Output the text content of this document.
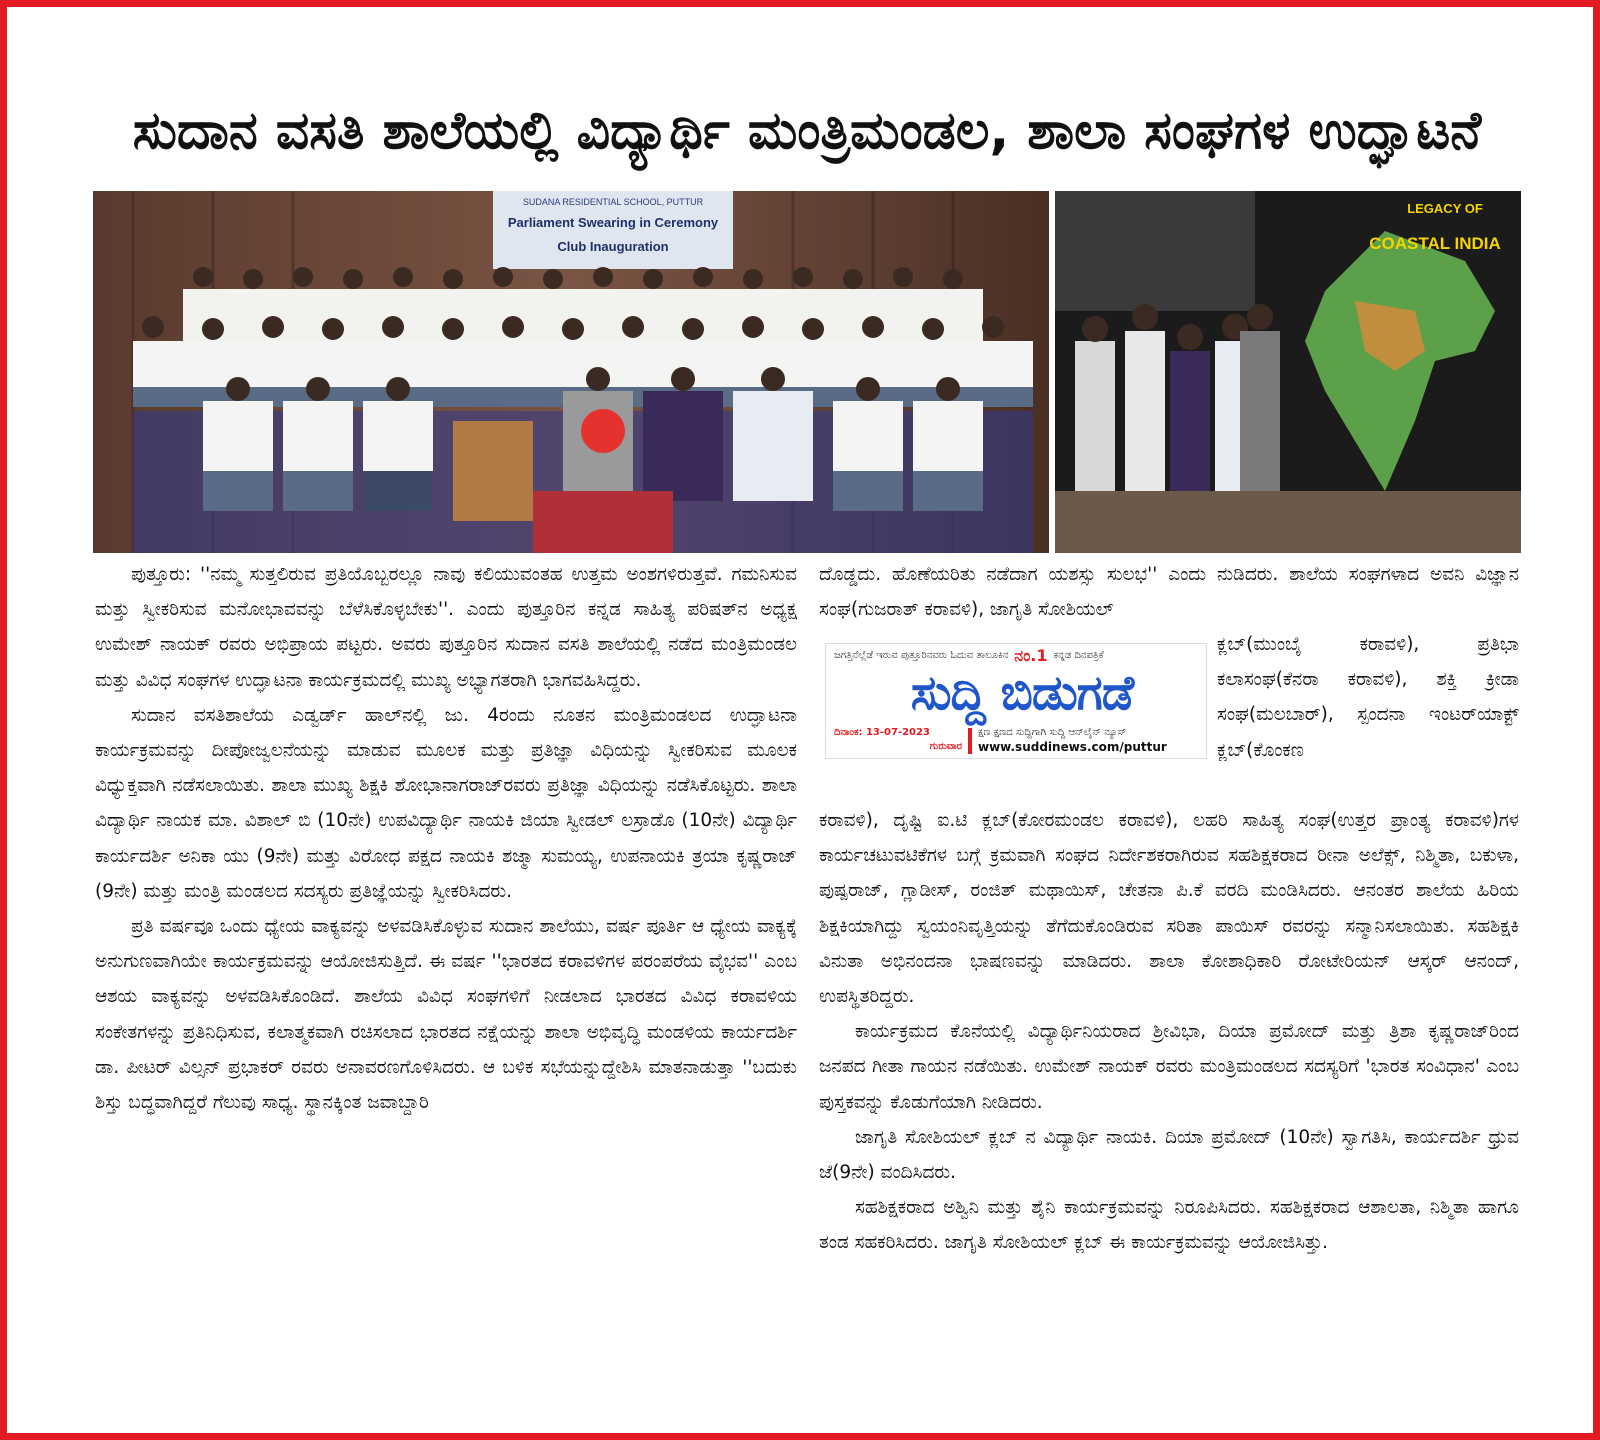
ಸುದಾನ ವಸತಿ ಶಾಲೆಯಲ್ಲಿ ವಿದ್ಯಾರ್ಥಿ ಮಂತ್ರಿಮಂಡಲ, ಶಾಲಾ ಸಂಘಗಳ ಉದ್ಘಾಟನೆ
SUDANA RESIDENTIAL SCHOOL, PUTTUR
Parliament Swearing in Ceremony
Club Inauguration
LEGACY OF
COASTAL INDIA

ಪುತ್ತೂರು: ''ನಮ್ಮ ಸುತ್ತಲಿರುವ ಪ್ರತಿಯೊಬ್ಬರಲ್ಲೂ ನಾವು ಕಲಿಯುವಂತಹ ಉತ್ತಮ ಅಂಶಗಳಿರುತ್ತವೆ. ಗಮನಿಸುವ ಮತ್ತು ಸ್ವೀಕರಿಸುವ ಮನೋಭಾವವನ್ನು ಬೆಳೆಸಿಕೊಳ್ಳಬೇಕು''. ಎಂದು ಪುತ್ತೂರಿನ ಕನ್ನಡ ಸಾಹಿತ್ಯ ಪರಿಷತ್‌ನ ಅಧ್ಯಕ್ಷ ಉಮೇಶ್ ನಾಯಕ್ ರವರು ಅಭಿಪ್ರಾಯ ಪಟ್ಟರು. ಅವರು ಪುತ್ತೂರಿನ ಸುದಾನ ವಸತಿ ಶಾಲೆಯಲ್ಲಿ ನಡೆದ ಮಂತ್ರಿಮಂಡಲ ಮತ್ತು ವಿವಿಧ ಸಂಘಗಳ ಉದ್ಘಾಟನಾ ಕಾರ್ಯಕ್ರಮದಲ್ಲಿ ಮುಖ್ಯ ಅಭ್ಯಾಗತರಾಗಿ ಭಾಗವಹಿಸಿದ್ದರು.

ಸುದಾನ ವಸತಿಶಾಲೆಯ ಎಡ್ವರ್ಡ್ ಹಾಲ್‌ನಲ್ಲಿ ಜು. 4ರಂದು ನೂತನ ಮಂತ್ರಿಮಂಡಲದ ಉದ್ಘಾಟನಾ ಕಾರ್ಯಕ್ರಮವನ್ನು ದೀಪೋಜ್ವಲನೆಯನ್ನು ಮಾಡುವ ಮೂಲಕ ಮತ್ತು ಪ್ರತಿಜ್ಞಾ ವಿಧಿಯನ್ನು ಸ್ವೀಕರಿಸುವ ಮೂಲಕ ವಿಧ್ಯುಕ್ತವಾಗಿ ನಡೆಸಲಾಯಿತು. ಶಾಲಾ ಮುಖ್ಯ ಶಿಕ್ಷಕಿ ಶೋಭಾನಾಗರಾಜ್‌ರವರು ಪ್ರತಿಜ್ಞಾ ವಿಧಿಯನ್ನು ನಡೆಸಿಕೊಟ್ಟರು. ಶಾಲಾ ವಿದ್ಯಾರ್ಥಿ ನಾಯಕ ಮಾ. ವಿಶಾಲ್ ಬಿ (10ನೇ) ಉಪವಿದ್ಯಾರ್ಥಿ ನಾಯಕಿ ಜಿಯಾ ಸ್ವೀಡಲ್ ಲಸ್ರಾಡೊ (10ನೇ) ವಿದ್ಯಾರ್ಥಿ ಕಾರ್ಯದರ್ಶಿ ಅನಿಕಾ ಯು (9ನೇ) ಮತ್ತು ವಿರೋಧ ಪಕ್ಷದ ನಾಯಕಿ ಶಜ್ಮಾ ಸುಮಯ್ಯ, ಉಪನಾಯಕಿ ತ್ರಯಾ ಕೃಷ್ಣರಾಜ್ (9ನೇ) ಮತ್ತು ಮಂತ್ರಿ ಮಂಡಲದ ಸದಸ್ಯರು ಪ್ರತಿಜ್ಞೆಯನ್ನು ಸ್ವೀಕರಿಸಿದರು.

ಪ್ರತಿ ವರ್ಷವೂ ಒಂದು ಧ್ಯೇಯ ವಾಕ್ಯವನ್ನು ಅಳವಡಿಸಿಕೊಳ್ಳುವ ಸುದಾನ ಶಾಲೆಯು, ವರ್ಷ ಪೂರ್ತಿ ಆ ಧ್ಯೇಯ ವಾಕ್ಯಕ್ಕೆ ಅನುಗುಣವಾಗಿಯೇ ಕಾರ್ಯಕ್ರಮವನ್ನು ಆಯೋಜಿಸುತ್ತಿದೆ. ಈ ವರ್ಷ ''ಭಾರತದ ಕರಾವಳಿಗಳ ಪರಂಪರೆಯ ವೈಭವ'' ಎಂಬ ಆಶಯ ವಾಕ್ಯವನ್ನು ಅಳವಡಿಸಿಕೊಂಡಿದೆ. ಶಾಲೆಯ ವಿವಿಧ ಸಂಘಗಳಿಗೆ ನೀಡಲಾದ ಭಾರತದ ವಿವಿಧ ಕರಾವಳಿಯ ಸಂಕೇತಗಳನ್ನು ಪ್ರತಿನಿಧಿಸುವ, ಕಲಾತ್ಮಕವಾಗಿ ರಚಿಸಲಾದ ಭಾರತದ ನಕ್ಷೆಯನ್ನು ಶಾಲಾ ಅಭಿವೃದ್ಧಿ ಮಂಡಳಿಯ ಕಾರ್ಯದರ್ಶಿ ಡಾ. ಪೀಟರ್ ವಿಲ್ಸನ್ ಪ್ರಭಾಕರ್ ರವರು ಅನಾವರಣಗೊಳಿಸಿದರು. ಆ ಬಳಿಕ ಸಭೆಯನ್ನುದ್ದೇಶಿಸಿ ಮಾತನಾಡುತ್ತಾ ''ಬದುಕು ಶಿಸ್ತು ಬದ್ಧವಾಗಿದ್ದರೆ ಗೆಲುವು ಸಾಧ್ಯ. ಸ್ಥಾನಕ್ಕಿಂತ ಜವಾಬ್ದಾರಿ

ದೊಡ್ಡದು. ಹೊಣೆಯರಿತು ನಡೆದಾಗ ಯಶಸ್ಸು ಸುಲಭ'' ಎಂದು ನುಡಿದರು. ಶಾಲೆಯ ಸಂಘಗಳಾದ ಅವನಿ ವಿಜ್ಞಾನ ಸಂಘ(ಗುಜರಾತ್ ಕರಾವಳಿ), ಜಾಗೃತಿ ಸೋಶಿಯಲ್

ಜಗತ್ತಿನೆಲ್ಲೆಡೆ ಇರುವ ಪುತ್ತೂರಿನವರು ಓದುವ ತಾಲೂಕಿನ ನಂ.1 ಕನ್ನಡ ದಿನಪತ್ರಿಕೆ
ಸುದ್ದಿ ಬಿಡುಗಡೆ
ದಿನಾಂಕ: 13-07-2023
ಗುರುವಾರ
ಕ್ಷಣ ಕ್ಷಣದ ಸುದ್ದಿಗಾಗಿ ಸುದ್ದಿ ಆನ್‌ಲೈನ್ ನ್ಯೂಸ್
www.suddinews.com/puttur

ಕ್ಲಬ್(ಮುಂಬೈ ಕರಾವಳಿ), ಪ್ರತಿಭಾ ಕಲಾಸಂಘ(ಕೆನರಾ ಕರಾವಳಿ), ಶಕ್ತಿ ಕ್ರೀಡಾ ಸಂಘ(ಮಲಬಾರ್), ಸ್ಪಂದನಾ ಇಂಟರ್‌ಯಾಕ್ಟ್ ಕ್ಲಬ್(ಕೊಂಕಣ

ಕರಾವಳಿ), ದೃಷ್ಟಿ ಐ.ಟಿ ಕ್ಲಬ್(ಕೋರಮಂಡಲ ಕರಾವಳಿ), ಲಹರಿ ಸಾಹಿತ್ಯ ಸಂಘ(ಉತ್ತರ ಪ್ರಾಂತ್ಯ ಕರಾವಳಿ)ಗಳ ಕಾರ್ಯಚಟುವಟಿಕೆಗಳ ಬಗ್ಗೆ ಕ್ರಮವಾಗಿ ಸಂಘದ ನಿರ್ದೇಶಕರಾಗಿರುವ ಸಹಶಿಕ್ಷಕರಾದ ರೀನಾ ಅಲೆಕ್ಸ್, ನಿಶ್ಮಿತಾ, ಬಕುಳಾ, ಪುಷ್ಪರಾಜ್, ಗ್ಲಾಡೀಸ್, ರಂಜಿತ್ ಮಥಾಯಿಸ್, ಚೇತನಾ ಪಿ.ಕೆ ವರದಿ ಮಂಡಿಸಿದರು. ಆನಂತರ ಶಾಲೆಯ ಹಿರಿಯ ಶಿಕ್ಷಕಿಯಾಗಿದ್ದು ಸ್ವಯಂನಿವೃತ್ತಿಯನ್ನು ತೆಗೆದುಕೊಂಡಿರುವ ಸರಿತಾ ಪಾಯಿಸ್ ರವರನ್ನು ಸನ್ಮಾನಿಸಲಾಯಿತು. ಸಹಶಿಕ್ಷಕಿ ವಿನುತಾ ಅಭಿನಂದನಾ ಭಾಷಣವನ್ನು ಮಾಡಿದರು. ಶಾಲಾ ಕೋಶಾಧಿಕಾರಿ ರೋಟೇರಿಯನ್ ಆಸ್ಕರ್ ಆನಂದ್, ಉಪಸ್ಥಿತರಿದ್ದರು.

ಕಾರ್ಯಕ್ರಮದ ಕೊನೆಯಲ್ಲಿ ವಿದ್ಯಾರ್ಥಿನಿಯರಾದ ಶ್ರೀವಿಭಾ, ದಿಯಾ ಪ್ರಮೋದ್ ಮತ್ತು ತ್ರಿಶಾ ಕೃಷ್ಣರಾಜ್‌ರಿಂದ ಜನಪದ ಗೀತಾ ಗಾಯನ ನಡೆಯಿತು. ಉಮೇಶ್ ನಾಯಕ್ ರವರು ಮಂತ್ರಿಮಂಡಲದ ಸದಸ್ಯರಿಗೆ 'ಭಾರತ ಸಂವಿಧಾನ' ಎಂಬ ಪುಸ್ತಕವನ್ನು ಕೊಡುಗೆಯಾಗಿ ನೀಡಿದರು.

ಜಾಗೃತಿ ಸೋಶಿಯಲ್ ಕ್ಲಬ್ ನ ವಿದ್ಯಾರ್ಥಿ ನಾಯಕಿ. ದಿಯಾ ಪ್ರಮೋದ್ (10ನೇ) ಸ್ವಾಗತಿಸಿ, ಕಾರ್ಯದರ್ಶಿ ಧ್ರುವ ಜೆ(9ನೇ) ವಂದಿಸಿದರು.

ಸಹಶಿಕ್ಷಕರಾದ ಅಶ್ವಿನಿ ಮತ್ತು ಶೈನಿ ಕಾರ್ಯಕ್ರಮವನ್ನು ನಿರೂಪಿಸಿದರು. ಸಹಶಿಕ್ಷಕರಾದ ಆಶಾಲತಾ, ನಿಶ್ಮಿತಾ ಹಾಗೂ ತಂಡ ಸಹಕರಿಸಿದರು. ಜಾಗೃತಿ ಸೋಶಿಯಲ್ ಕ್ಲಬ್ ಈ ಕಾರ್ಯಕ್ರಮವನ್ನು ಆಯೋಜಿಸಿತ್ತು.
